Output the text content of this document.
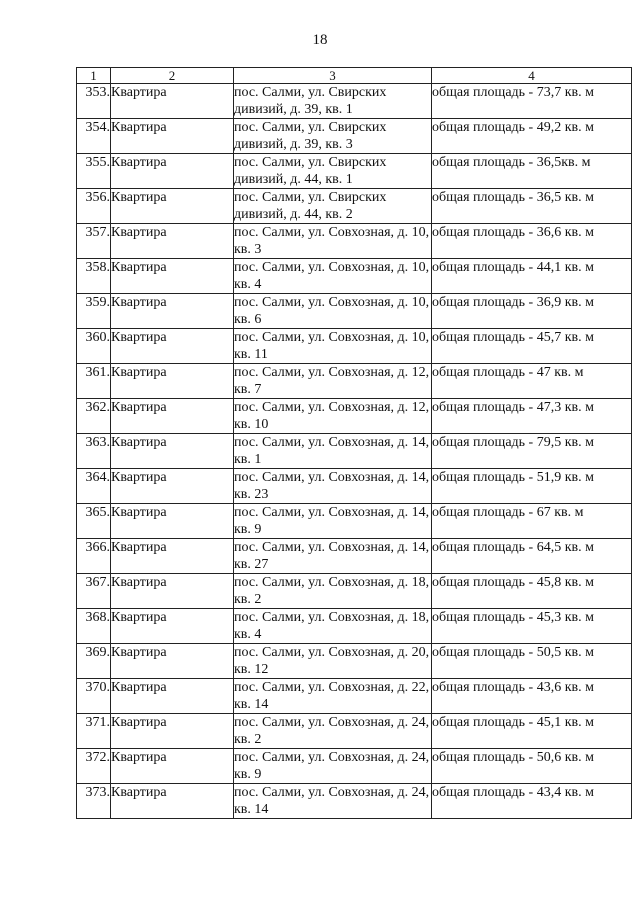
18
1	2	3	4
353.	Квартира	пос. Салми, ул. Свирских дивизий, д. 39, кв. 1	общая площадь - 73,7 кв. м
354.	Квартира	пос. Салми, ул. Свирских дивизий, д. 39, кв. 3	общая площадь - 49,2 кв. м
355.	Квартира	пос. Салми, ул. Свирских дивизий, д. 44, кв. 1	общая площадь - 36,5кв. м
356.	Квартира	пос. Салми, ул. Свирских дивизий, д. 44, кв. 2	общая площадь - 36,5 кв. м
357.	Квартира	пос. Салми, ул. Совхозная, д. 10, кв. 3	общая площадь - 36,6 кв. м
358.	Квартира	пос. Салми, ул. Совхозная, д. 10, кв. 4	общая площадь - 44,1 кв. м
359.	Квартира	пос. Салми, ул. Совхозная, д. 10, кв. 6	общая площадь - 36,9 кв. м
360.	Квартира	пос. Салми, ул. Совхозная, д. 10, кв. 11	общая площадь - 45,7 кв. м
361.	Квартира	пос. Салми, ул. Совхозная, д. 12, кв. 7	общая площадь - 47 кв. м
362.	Квартира	пос. Салми, ул. Совхозная, д. 12, кв. 10	общая площадь - 47,3 кв. м
363.	Квартира	пос. Салми, ул. Совхозная, д. 14, кв. 1	общая площадь - 79,5 кв. м
364.	Квартира	пос. Салми, ул. Совхозная, д. 14, кв. 23	общая площадь - 51,9 кв. м
365.	Квартира	пос. Салми, ул. Совхозная, д. 14, кв. 9	общая площадь - 67 кв. м
366.	Квартира	пос. Салми, ул. Совхозная, д. 14, кв. 27	общая площадь - 64,5 кв. м
367.	Квартира	пос. Салми, ул. Совхозная, д. 18, кв. 2	общая площадь - 45,8 кв. м
368.	Квартира	пос. Салми, ул. Совхозная, д. 18, кв. 4	общая площадь - 45,3 кв. м
369.	Квартира	пос. Салми, ул. Совхозная, д. 20, кв. 12	общая площадь - 50,5 кв. м
370.	Квартира	пос. Салми, ул. Совхозная, д. 22, кв. 14	общая площадь - 43,6 кв. м
371.	Квартира	пос. Салми, ул. Совхозная, д. 24, кв. 2	общая площадь - 45,1 кв. м
372.	Квартира	пос. Салми, ул. Совхозная, д. 24, кв. 9	общая площадь - 50,6 кв. м
373.	Квартира	пос. Салми, ул. Совхозная, д. 24, кв. 14	общая площадь - 43,4 кв. м
